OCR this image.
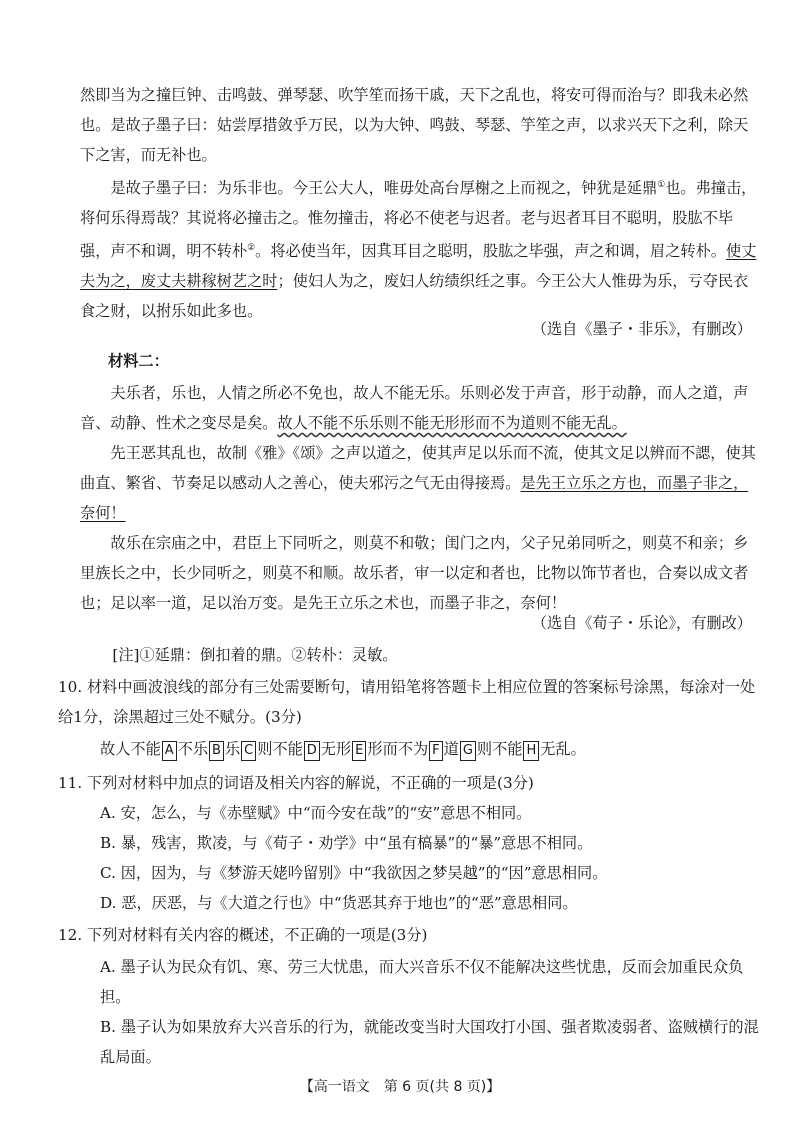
然即当为之撞巨钟、击鸣鼓、弹琴瑟、吹竽笙而扬干戚，天下之乱也，将安可得而治与？即我未必然也。是故子墨子曰：姑尝厚措敛乎万民，以为大钟、鸣鼓、琴瑟、竽笙之声，以求兴天下之利，除天下之害，而无补也。

是故子墨子曰：为乐非也。今王公大人，唯毋处高台厚榭之上而视之，钟犹是延鼎①也。弗撞击，将何乐得焉哉？其说将必撞击之。惟勿撞击，将必不使老与迟者。老与迟者耳目不聪明，股肱不毕强，声不和调，明不转朴②。将必使当年，因其耳目之聪明，股肱之毕强，声之和调，眉之转朴。使丈夫为之，废丈夫耕稼树艺之时；使妇人为之，废妇人纺绩织纴之事。今王公大人惟毋为乐，亏夺民衣食之财，以拊乐如此多也。

（选自《墨子・非乐》，有删改）
材料二：

夫乐者，乐也，人情之所必不免也，故人不能无乐。乐则必发于声音，形于动静，而人之道，声音、动静、性术之变尽是矣。故人不能不乐乐则不能无形形而不为道则不能无乱。

先王恶其乱也，故制《雅》《颂》之声以道之，使其声足以乐而不流，使其文足以辨而不諰，使其曲直、繁省、节奏足以感动人之善心，使夫邪污之气无由得接焉。是先王立乐之方也，而墨子非之，奈何！

故乐在宗庙之中，君臣上下同听之，则莫不和敬；闺门之内，父子兄弟同听之，则莫不和亲；乡里族长之中，长少同听之，则莫不和顺。故乐者，审一以定和者也，比物以饰节者也，合奏以成文者也；足以率一道，足以治万变。是先王立乐之术也，而墨子非之，奈何！

（选自《荀子・乐论》，有删改）
[注]①延鼎：倒扣着的鼎。②转朴：灵敏。

10. 材料中画波浪线的部分有三处需要断句，请用铅笔将答题卡上相应位置的答案标号涂黑，每涂对一处给1分，涂黑超过三处不赋分。(3分)

故人不能 A 不乐 B 乐 C 则不能 D 无形 E 形而不为 F 道 G 则不能 H 无乱。

11. 下列对材料中加点的词语及相关内容的解说，不正确的一项是(3分)

A. 安，怎么，与《赤壁赋》中“而今安在哉”的“安”意思不相同。

B. 暴，残害，欺凌，与《荀子・劝学》中“虽有槁暴”的“暴”意思不相同。

C. 因，因为，与《梦游天姥吟留别》中“我欲因之梦吴越”的“因”意思相同。

D. 恶，厌恶，与《大道之行也》中“货恶其弃于地也”的“恶”意思相同。

12. 下列对材料有关内容的概述，不正确的一项是(3分)

A. 墨子认为民众有饥、寒、劳三大忧患，而大兴音乐不仅不能解决这些忧患，反而会加重民众负担。

B. 墨子认为如果放弃大兴音乐的行为，就能改变当时大国攻打小国、强者欺凌弱者、盗贼横行的混乱局面。

【高一语文　第 6 页(共 8 页)】
